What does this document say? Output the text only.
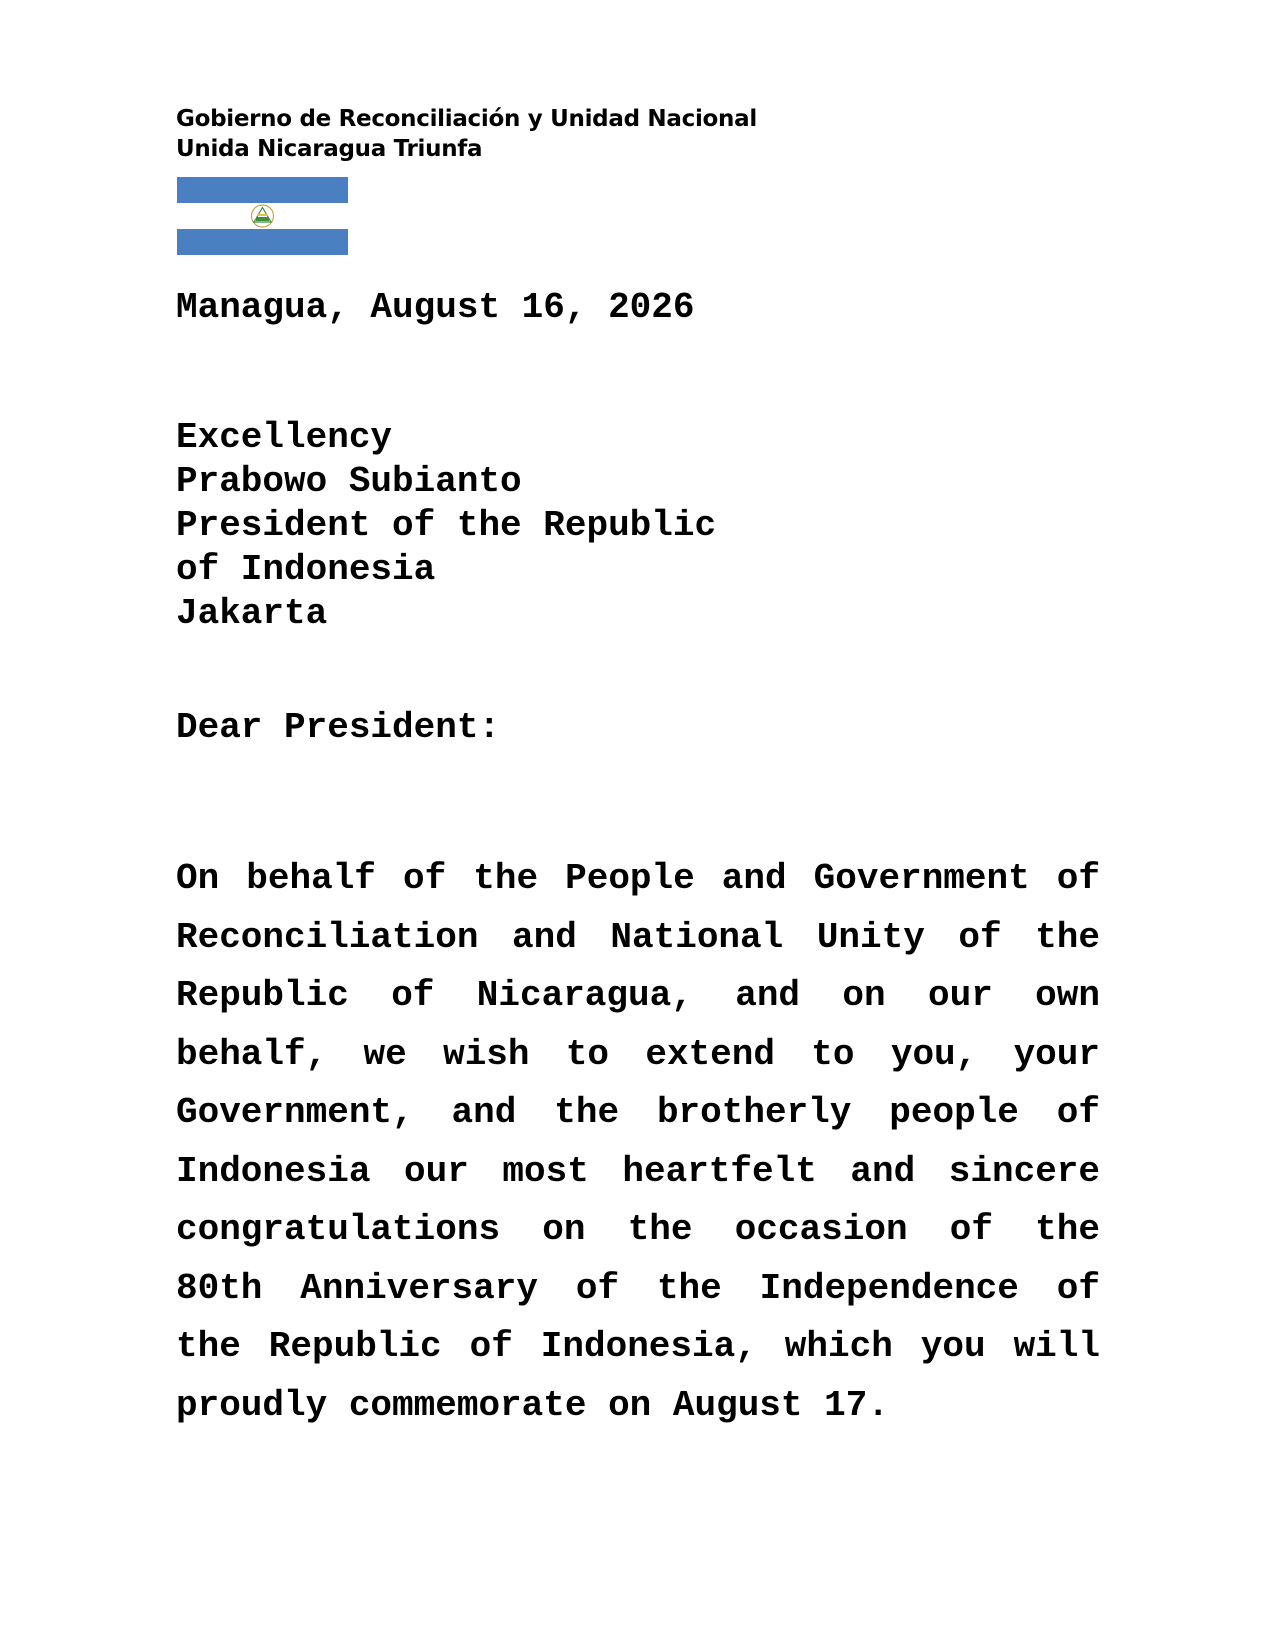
Gobierno de Reconciliación y Unidad Nacional
Unida Nicaragua Triunfa
Managua, August 16, 2026
Excellency
Prabowo Subianto
President of the Republic
of Indonesia
Jakarta
Dear President:
On behalf of the People and Government of Reconciliation and National Unity of the Republic of Nicaragua, and on our own behalf, we wish to extend to you, your Government, and the brotherly people of Indonesia our most heartfelt and sincere congratulations on the occasion of the 80th Anniversary of the Independence of the Republic of Indonesia, which you will proudly commemorate on August 17.
